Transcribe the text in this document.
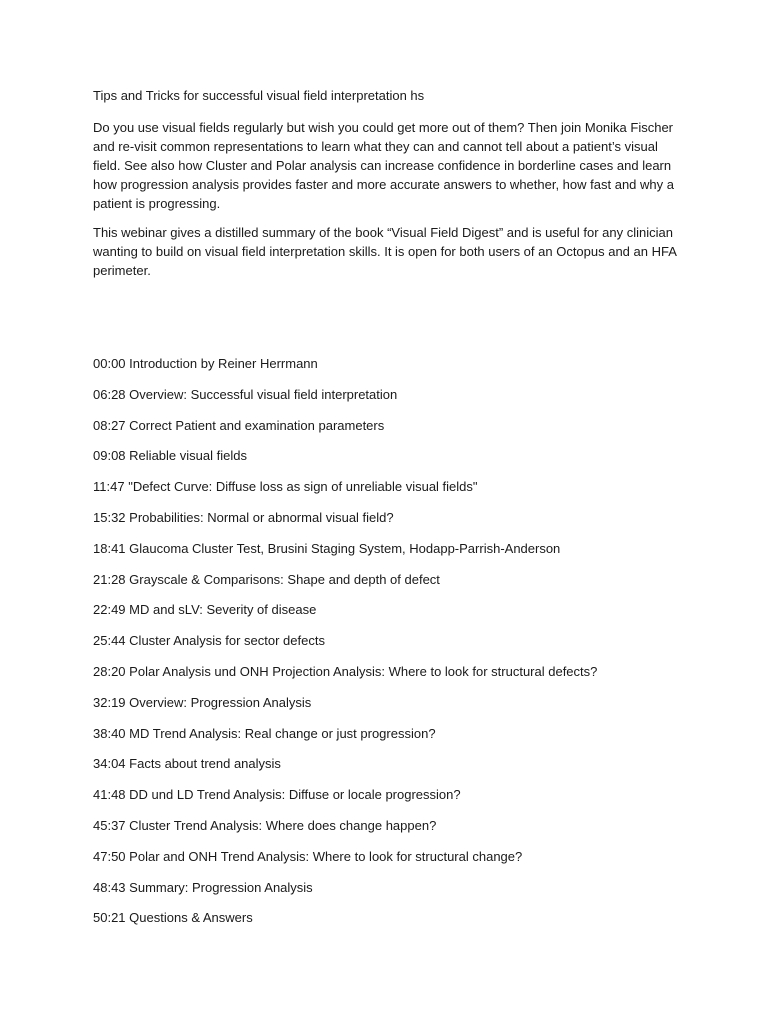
Tips and Tricks for successful visual field interpretation hs

Do you use visual fields regularly but wish you could get more out of them? Then join Monika Fischer and re-visit common representations to learn what they can and cannot tell about a patient’s visual field. See also how Cluster and Polar analysis can increase confidence in borderline cases and learn how progression analysis provides faster and more accurate answers to whether, how fast and why a patient is progressing.

This webinar gives a distilled summary of the book “Visual Field Digest” and is useful for any clinician wanting to build on visual field interpretation skills. It is open for both users of an Octopus and an HFA perimeter.

00:00 Introduction by Reiner Herrmann
06:28 Overview: Successful visual field interpretation
08:27 Correct Patient and examination parameters
09:08 Reliable visual fields
11:47 "Defect Curve: Diffuse loss as sign of unreliable visual fields"
15:32 Probabilities: Normal or abnormal visual field?
18:41 Glaucoma Cluster Test, Brusini Staging System, Hodapp-Parrish-Anderson
21:28 Grayscale & Comparisons: Shape and depth of defect
22:49 MD and sLV: Severity of disease
25:44 Cluster Analysis for sector defects
28:20 Polar Analysis und ONH Projection Analysis: Where to look for structural defects?
32:19 Overview: Progression Analysis
38:40 MD Trend Analysis: Real change or just progression?
34:04 Facts about trend analysis
41:48 DD und LD Trend Analysis: Diffuse or locale progression?
45:37 Cluster Trend Analysis: Where does change happen?
47:50 Polar and ONH Trend Analysis: Where to look for structural change?
48:43 Summary: Progression Analysis
50:21 Questions & Answers
